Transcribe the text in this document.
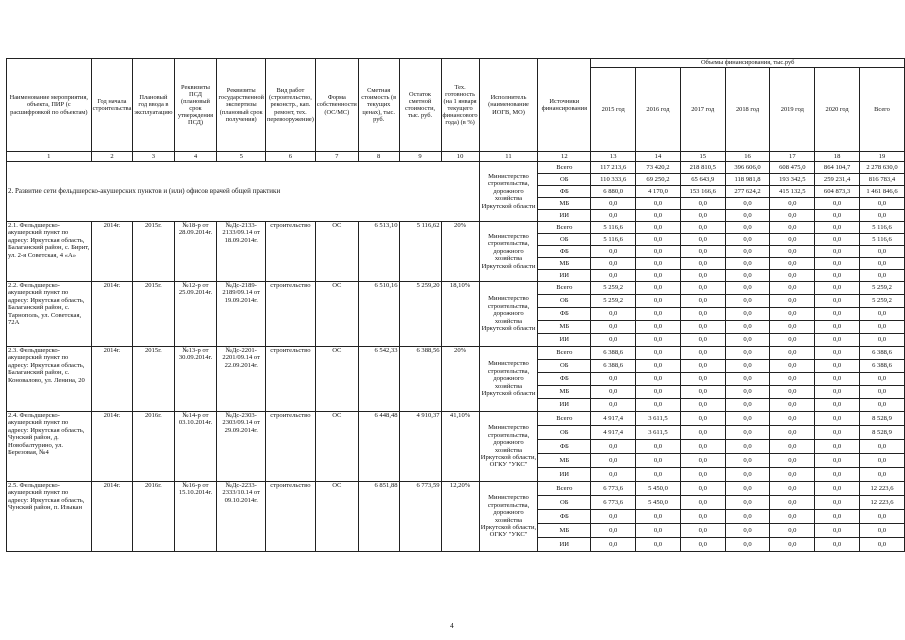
Наименование мероприятия, объекта, ПИР (с расшифровкой по объектам)	Год начала строительства	Плановый год ввода в эксплуатацию	Реквизиты ПСД (плановый срок утверждения ПСД)	Реквизиты государственной экспертизы (плановый срок получения)	Вид работ (строительство, реконстр., кап. ремонт, тех. перевооружение)	Форма собственности (ОС/МС)	Сметная стоимость (в текущих ценах), тыс. руб.	Остаток сметной стоимости, тыс. руб.	Тех. готовность (на 1 января текущего финансового года) (в %)	Исполнитель (наименование ИОГВ, МО)	Источники финансирования	Объемы финансирования, тыс.руб						
												2015 год	2016 год	2017 год	2018 год	2019 год	2020 год	Всего
1	2	3	4	5	6	7	8	9	10	11	12	13	14	15	16	17	18	19
2. Развитие сети фельдшерско-акушерских пунктов и (или) офисов врачей общей практики										Министерство строительства, дорожного хозяйства Иркутской области	Всего	117 213,6	73 420,2	218 810,5	396 606,0	608 475,0	864 104,7	2 278 630,0
											ОБ	110 333,6	69 250,2	65 643,9	118 981,8	193 342,5	259 231,4	816 783,4
											ФБ	6 880,0	4 170,0	153 166,6	277 624,2	415 132,5	604 873,3	1 461 846,6
											МБ	0,0	0,0	0,0	0,0	0,0	0,0	0,0
											ИИ	0,0	0,0	0,0	0,0	0,0	0,0	0,0
2.1. Фельдшерско-акушерский пункт по адресу: Иркутская область, Балаганский район, с. Бирит, ул. 2-я Советская, 4 «А»	2014г.	2015г.	№18-р от 28.09.2014г.	№Дс-2133-2133/09.14 от 18.09.2014г.	строительство	ОС	6 513,10	5 116,62	20%	Министерство строительства, дорожного хозяйства Иркутской области	Всего	5 116,6	0,0	0,0	0,0	0,0	0,0	5 116,6
											ОБ	5 116,6	0,0	0,0	0,0	0,0	0,0	5 116,6
											ФБ	0,0	0,0	0,0	0,0	0,0	0,0	0,0
											МБ	0,0	0,0	0,0	0,0	0,0	0,0	0,0
											ИИ	0,0	0,0	0,0	0,0	0,0	0,0	0,0
2.2. Фельдшерско-акушерский пункт по адресу: Иркутская область, Балаганский район, с. Тарнополь, ул. Советская, 72А	2014г.	2015г.	№12-р от 25.09.2014г.	№Дс-2189-2189/09.14 от 19.09.2014г.	строительство	ОС	6 510,16	5 259,20	18,10%	Министерство строительства, дорожного хозяйства Иркутской области	Всего	5 259,2	0,0	0,0	0,0	0,0	0,0	5 259,2
											ОБ	5 259,2	0,0	0,0	0,0	0,0	0,0	5 259,2
											ФБ	0,0	0,0	0,0	0,0	0,0	0,0	0,0
											МБ	0,0	0,0	0,0	0,0	0,0	0,0	0,0
											ИИ	0,0	0,0	0,0	0,0	0,0	0,0	0,0
2.3. Фельдшерско-акушерский пункт по адресу: Иркутская область, Балаганский район, с. Коновалово, ул. Ленина, 20	2014г.	2015г.	№13-р от 30.09.2014г.	№Дс-2201-2201/09.14 от 22.09.2014г.	строительство	ОС	6 542,33	6 388,56	20%	Министерство строительства, дорожного хозяйства Иркутской области	Всего	6 388,6	0,0	0,0	0,0	0,0	0,0	6 388,6
											ОБ	6 388,6	0,0	0,0	0,0	0,0	0,0	6 388,6
											ФБ	0,0	0,0	0,0	0,0	0,0	0,0	0,0
											МБ	0,0	0,0	0,0	0,0	0,0	0,0	0,0
											ИИ	0,0	0,0	0,0	0,0	0,0	0,0	0,0
2.4. Фельдшерско-акушерский пункт по адресу: Иркутская область, Чунский район, д. Новобалтурино, ул. Березовая, №4	2014г.	2016г.	№14-р от 03.10.2014г.	№Дс-2303-2303/09.14 от 29.09.2014г.	строительство	ОС	6 448,48	4 910,37	41,10%	Министерство строительства, дорожного хозяйства Иркутской области, ОГКУ "УКС"	Всего	4 917,4	3 611,5	0,0	0,0	0,0	0,0	8 528,9
											ОБ	4 917,4	3 611,5	0,0	0,0	0,0	0,0	8 528,9
											ФБ	0,0	0,0	0,0	0,0	0,0	0,0	0,0
											МБ	0,0	0,0	0,0	0,0	0,0	0,0	0,0
											ИИ	0,0	0,0	0,0	0,0	0,0	0,0	0,0
2.5. Фельдшерско-акушерский пункт по адресу: Иркутская область, Чунский район, п. Изыкан	2014г.	2016г.	№16-р от 15.10.2014г.	№Дс-2233-2333/10.14 от 09.10.2014г.	строительство	ОС	6 851,88	6 773,59	12,20%	Министерство строительства, дорожного хозяйства Иркутской области, ОГКУ "УКС"	Всего	6 773,6	5 450,0	0,0	0,0	0,0	0,0	12 223,6
											ОБ	6 773,6	5 450,0	0,0	0,0	0,0	0,0	12 223,6
											ФБ	0,0	0,0	0,0	0,0	0,0	0,0	0,0
											МБ	0,0	0,0	0,0	0,0	0,0	0,0	0,0
											ИИ	0,0	0,0	0,0	0,0	0,0	0,0	0,0
4
